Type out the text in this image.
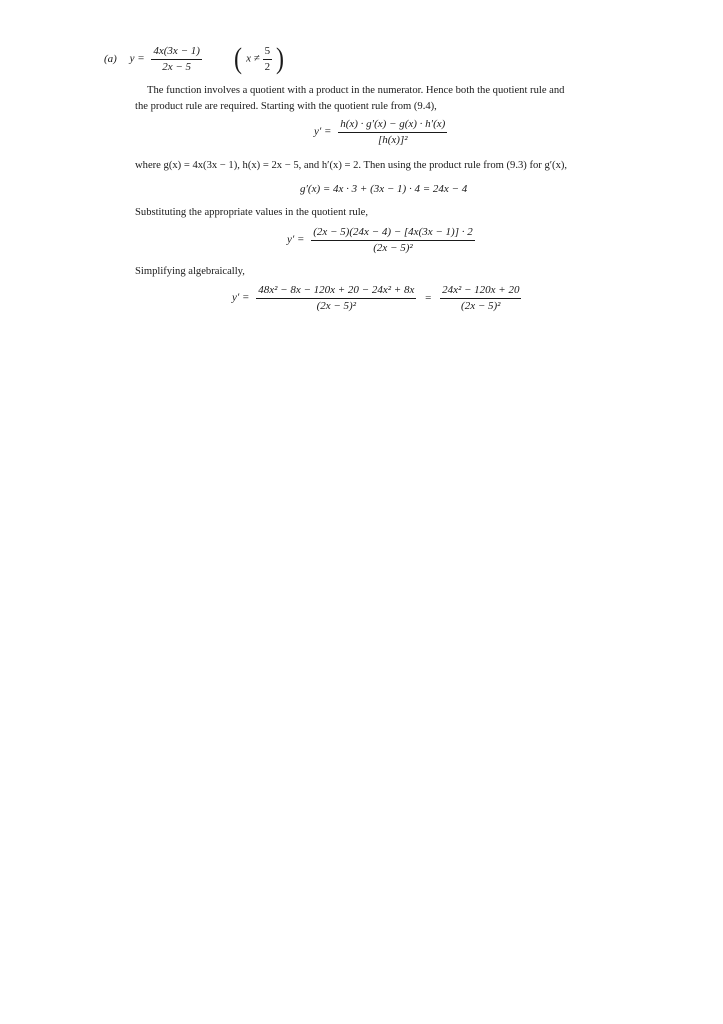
(a) $y = \frac{4x(3x - 1)}{2x - 5}$ ( $x \ne \frac{5}{2}$ )
The function involves a quotient with a product in the numerator. Hence both the quotient rule and
the product rule are required. Starting with the quotient rule from (9.4),
$y' = \frac{h(x) \cdot g'(x) - g(x) \cdot h'(x)}{\text{[h(x)]²}}$
where g(x) = 4x(3x − 1), h(x) = 2x − 5, and h′(x) = 2. Then using the product rule from (9.3) for g′(x),
g′(x) = 4x · 3 + (3x − 1) · 4 = 24x − 4
Substituting the appropriate values in the quotient rule,
$y' = \frac{(2x - 5)(24x - 4) - [4x(3x - 1)] \cdot 2}{\text{(2x − 5)²}}$
Simplifying algebraically,
$y' = \frac{\text{48x² − 8x − 120x + 20 − 24x² + 8x}}{\text{(2x − 5)²}} = \frac{\text{24x² − 120x + 20}}{\text{(2x − 5)²}}$
